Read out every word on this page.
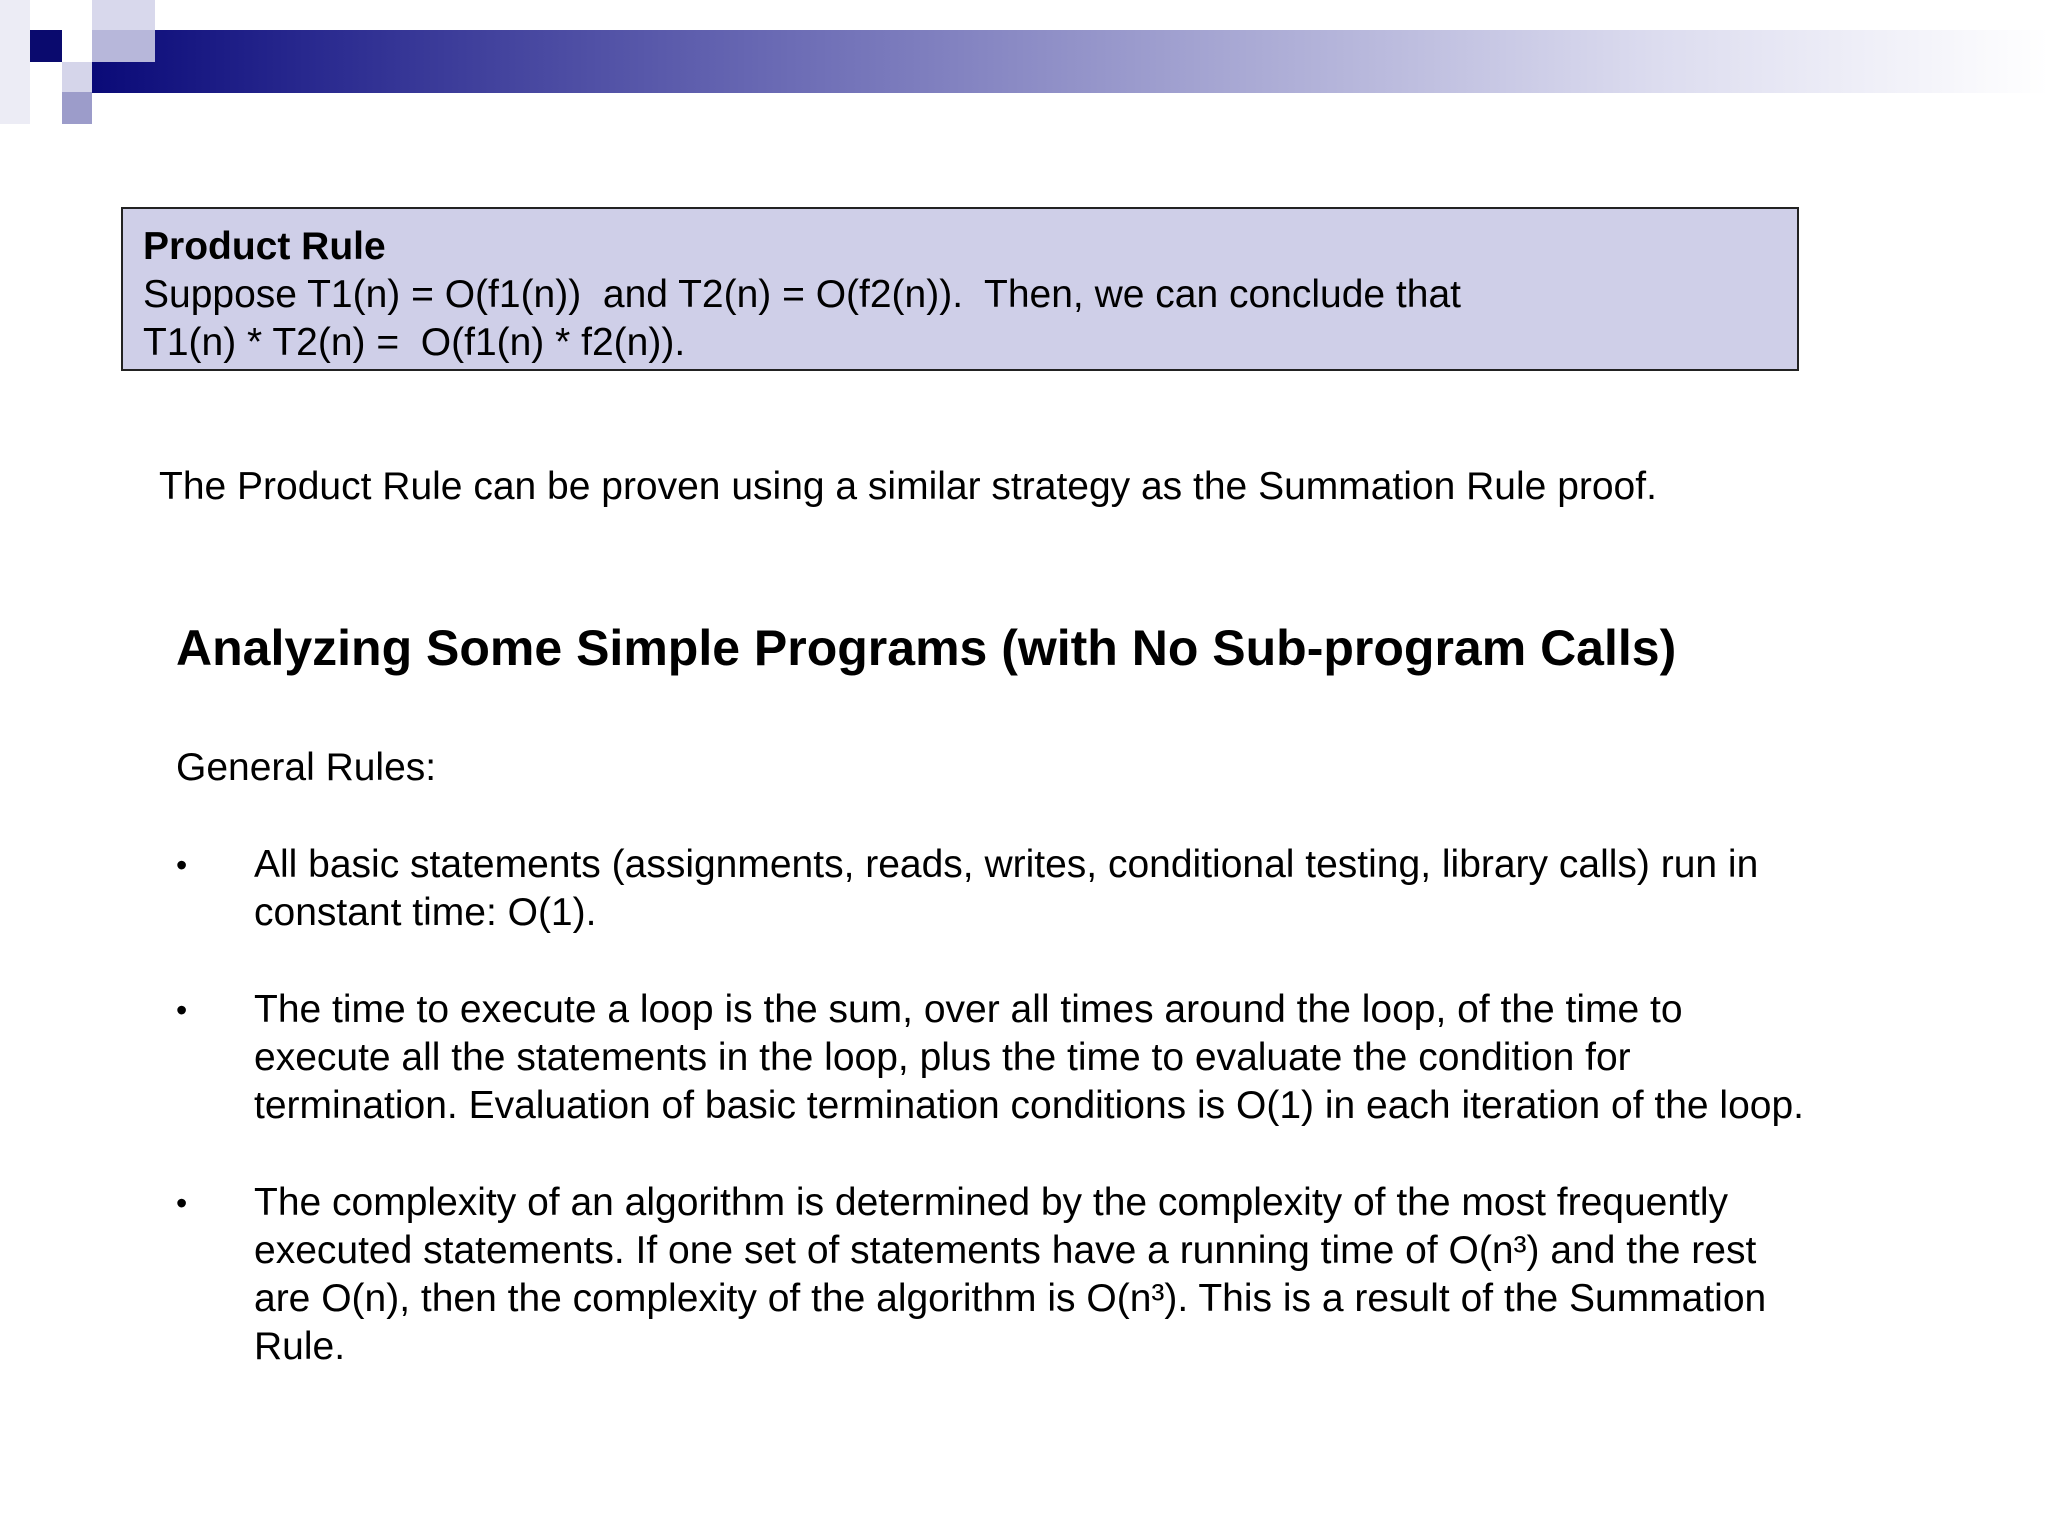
Product Rule
Suppose T1(n) = O(f1(n))  and T2(n) = O(f2(n)).  Then, we can conclude that
T1(n) * T2(n) =  O(f1(n) * f2(n)).
The Product Rule can be proven using a similar strategy as the Summation Rule proof.
Analyzing Some Simple Programs (with No Sub-program Calls)
General Rules:
•	All basic statements (assignments, reads, writes, conditional testing, library calls) run in
constant time: O(1).
•	The time to execute a loop is the sum, over all times around the loop, of the time to
execute all the statements in the loop, plus the time to evaluate the condition for
termination. Evaluation of basic termination conditions is O(1) in each iteration of the loop.
•	The complexity of an algorithm is determined by the complexity of the most frequently
executed statements. If one set of statements have a running time of O(n³) and the rest
are O(n), then the complexity of the algorithm is O(n³). This is a result of the Summation
Rule.
